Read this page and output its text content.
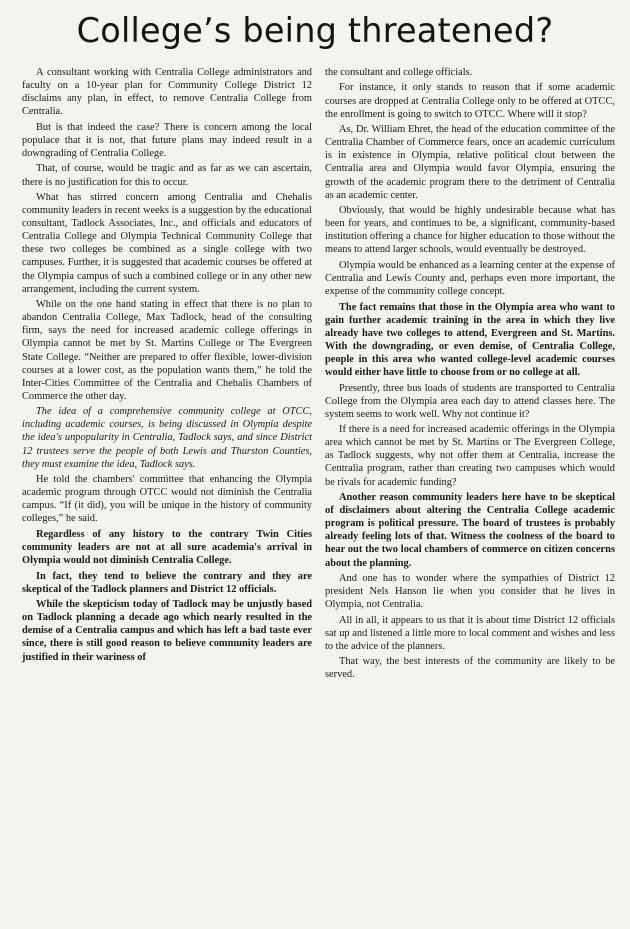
College’s being threatened?

A consultant working with Centralia College administrators and faculty on a 10-year plan for Community College District 12 disclaims any plan, in effect, to remove Centralia College from Centralia.

But is that indeed the case? There is concern among the local populace that it is not, that future plans may indeed result in a downgrading of Centralia College.

That, of course, would be tragic and as far as we can ascertain, there is no justification for this to occur.

What has stirred concern among Centralia and Chehalis community leaders in recent weeks is a suggestion by the educational consultant, Tadlock Associates, Inc., and officials and educators of Centralia College and Olympia Technical Community College that these two colleges be combined as a single college with two campuses. Further, it is suggested that academic courses be offered at the Olympia campus of such a combined college or in any other new arrangement, including the current system.

While on the one hand stating in effect that there is no plan to abandon Centralia College, Max Tadlock, head of the consulting firm, says the need for increased academic college offerings in Olympia cannot be met by St. Martins College or The Evergreen State College. “Neither are prepared to offer flexible, lower-division courses at a lower cost, as the population wants them,” he told the Inter-Cities Committee of the Centralia and Chehalis Chambers of Commerce the other day.

The idea of a comprehensive community college at OTCC, including academic courses, is being discussed in Olympia despite the idea's unpopularity in Centralia, Tadlock says, and since District 12 trustees serve the people of both Lewis and Thurston Counties, they must examine the idea, Tadlock says.

He told the chambers' committee that enhancing the Olympia academic program through OTCC would not diminish the Centralia campus. “If (it did), you will be unique in the history of community colleges,” he said.

Regardless of any history to the contrary Twin Cities community leaders are not at all sure academia's arrival in Olympia would not diminish Centralia College.

In fact, they tend to believe the contrary and they are skeptical of the Tadlock planners and District 12 officials.

While the skepticism today of Tadlock may be unjustly based on Tadlock planning a decade ago which nearly resulted in the demise of a Centralia campus and which has left a bad taste ever since, there is still good reason to believe community leaders are justified in their wariness of

the consultant and college officials.

For instance, it only stands to reason that if some academic courses are dropped at Centralia College only to be offered at OTCC, the enrollment is going to switch to OTCC. Where will it stop?

As, Dr. William Ehret, the head of the education committee of the Centralia Chamber of Commerce fears, once an academic curriculum is in existence in Olympia, relative political clout between the Centralia area and Olympia would favor Olympia, ensuring the growth of the academic program there to the detriment of Centralia as an academic center.

Obviously, that would be highly undesirable because what has been for years, and continues to be, a significant, community-based institution offering a chance for higher education to those without the means to attend larger schools, would eventually be destroyed.

Olympia would be enhanced as a learning center at the expense of Centralia and Lewis County and, perhaps even more important, the expense of the community college concept.

The fact remains that those in the Olympia area who want to gain further academic training in the area in which they live already have two colleges to attend, Evergreen and St. Martins. With the downgrading, or even demise, of Centralia College, people in this area who wanted college-level academic courses would either have little to choose from or no college at all.

Presently, three bus loads of students are transported to Centralia College from the Olympia area each day to attend classes here. The system seems to work well. Why not continue it?

If there is a need for increased academic offerings in the Olympia area which cannot be met by St. Martins or The Evergreen College, as Tadlock suggests, why not offer them at Centralia, increase the Centralia program, rather than creating two campuses which would be rivals for academic funding?

Another reason community leaders here have to be skeptical of disclaimers about altering the Centralia College academic program is political pressure. The board of trustees is probably already feeling lots of that. Witness the coolness of the board to hear out the two local chambers of commerce on citizen concerns about the planning.

And one has to wonder where the sympathies of District 12 president Nels Hanson lie when you consider that he lives in Olympia, not Centralia.

All in all, it appears to us that it is about time District 12 officials sat up and listened a little more to local comment and wishes and less to the advice of the planners.

That way, the best interests of the community are likely to be served.
